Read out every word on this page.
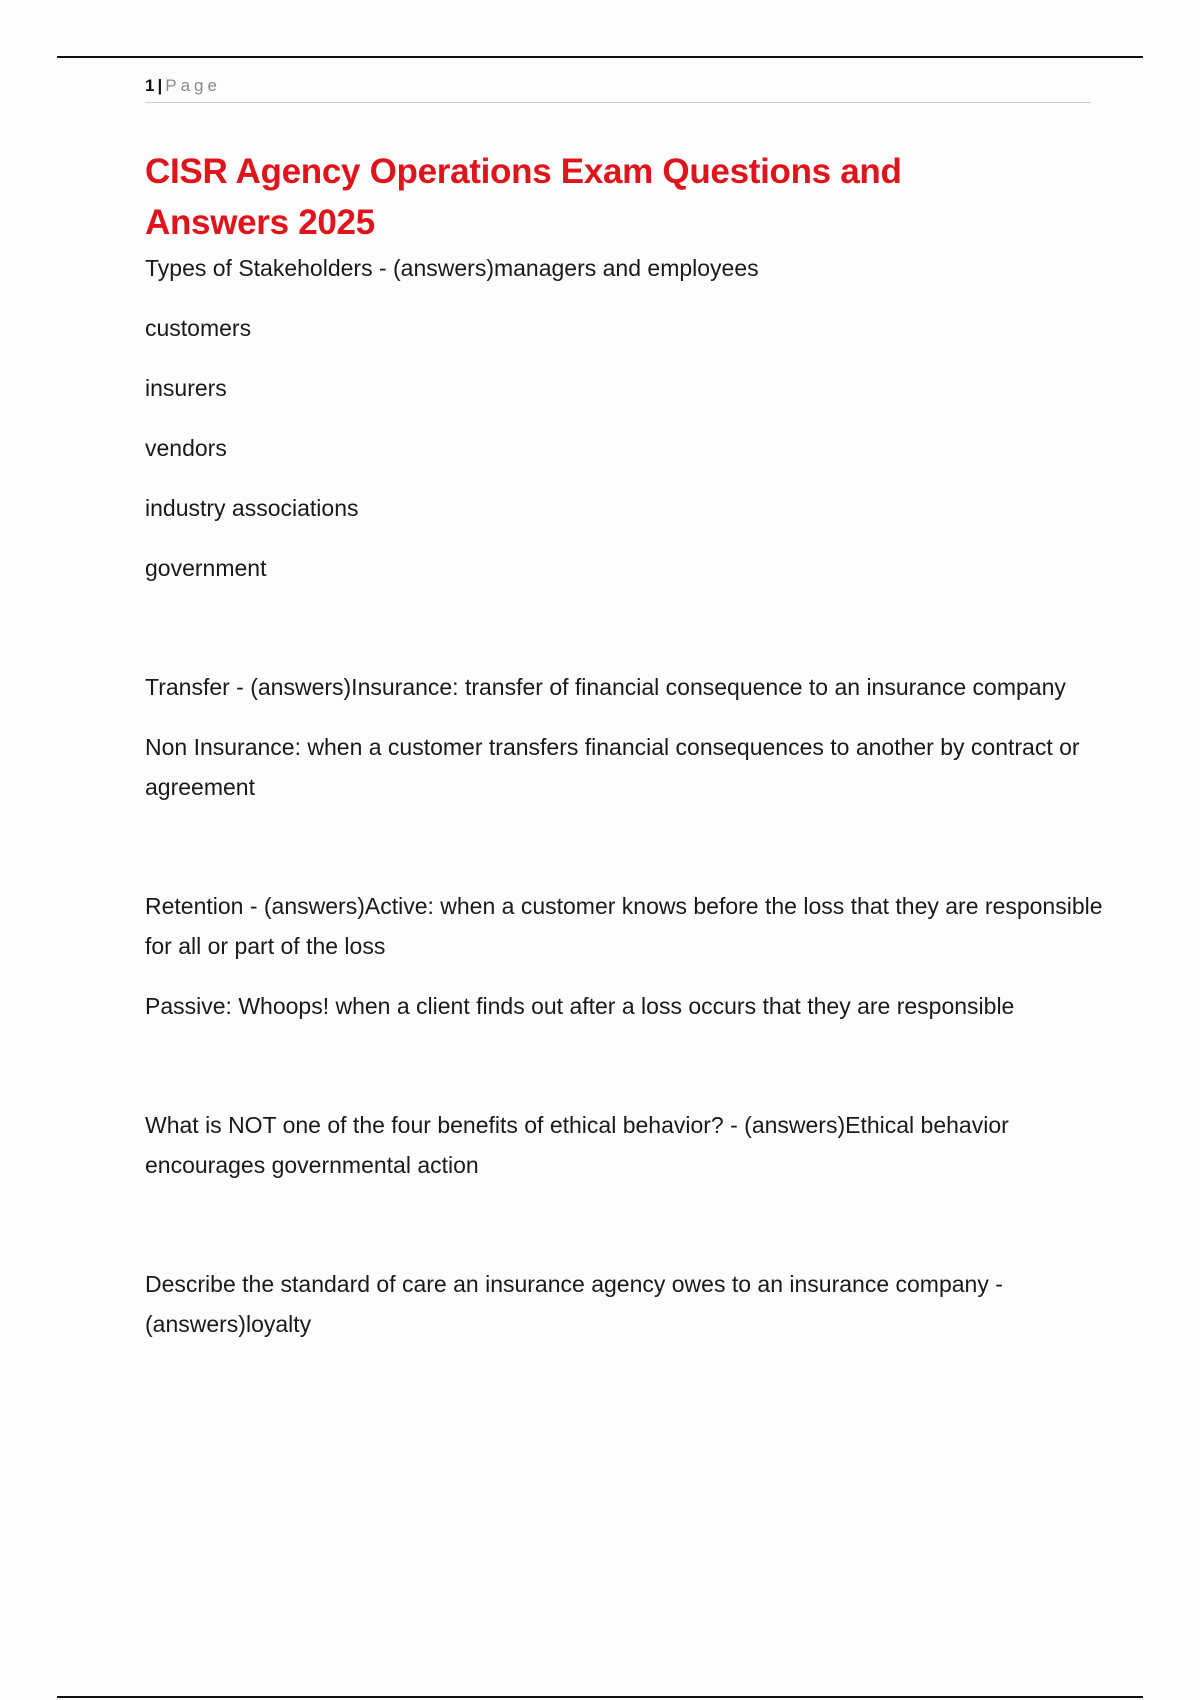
1 | Page
CISR Agency Operations Exam Questions and Answers 2025

Types of Stakeholders - (answers)managers and employees

customers

insurers

vendors

industry associations

government

Transfer - (answers)Insurance: transfer of financial consequence to an insurance company

Non Insurance: when a customer transfers financial consequences to another by contract or agreement

Retention - (answers)Active: when a customer knows before the loss that they are responsible for all or part of the loss

Passive: Whoops! when a client finds out after a loss occurs that they are responsible

What is NOT one of the four benefits of ethical behavior? - (answers)Ethical behavior encourages governmental action

Describe the standard of care an insurance agency owes to an insurance company - (answers)loyalty
